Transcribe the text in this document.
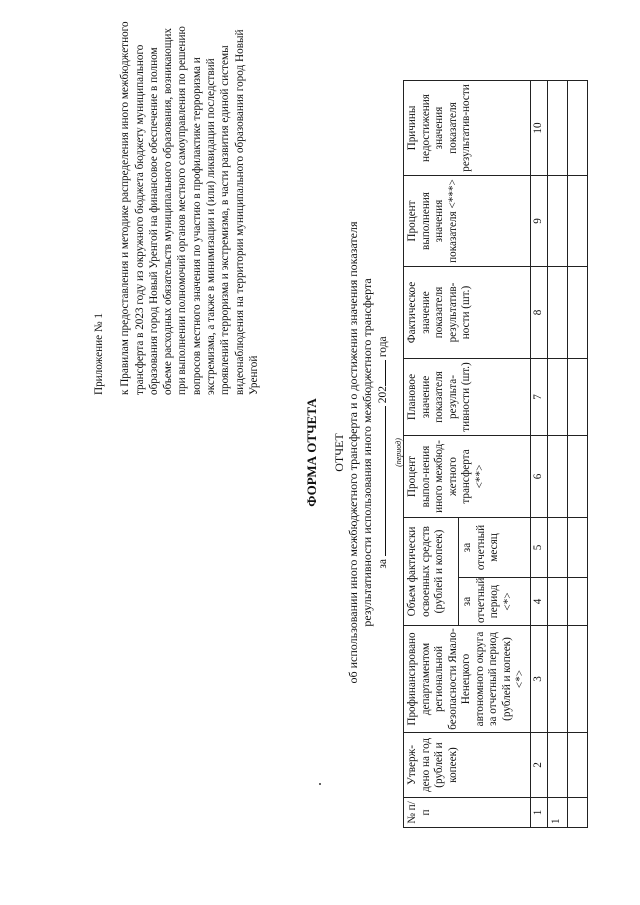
Приложение № 1 к Правилам предоставления и методике распределения иного межбюджетного трансферта в 2023 году из окружного бюджета бюджету муниципального образования город Новый Уренгой на финансовое обеспечение в полном объеме расходных обязательств муниципального образования, возникающих при выполнении полномочий органов местного самоуправления по решению вопросов местного значения по участию в профилактике терроризма и экстремизма, а также в минимизации и (или) ликвидации последствий проявлений терроризма и экстремизма, в части развития единой системы видеонаблюдения на территории муниципального образования город Новый Уренгой
ФОРМА ОТЧЕТА ОТЧЕТ об использовании иного межбюджетного трансферта и о достижении значения показателя результативности использования иного межбюджетного трансферта за  202 года
(период)
№ п/п	Утверж-дено на год (рублей и копеек)	Профинансировано департаментом региональной безопасности Ямало-Ненецкого автономного округа за отчетный период (рублей и копеек) <*>	Объем фактически освоенных средств (рублей и копеек)		Процент выпол-нения иного межбюд-жетного трансферта <**>	Плановое значение показателя результа-тивности (шт.)	Фактическое значение показателя результатив-ности (шт.)	Процент выполнения значения показателя <***>	Причины недостижения значения показателя результатив-ности
			за отчетный период <*>	за отчетный месяц					
1	2	3	4	5	6	7	8	9	10
1									
